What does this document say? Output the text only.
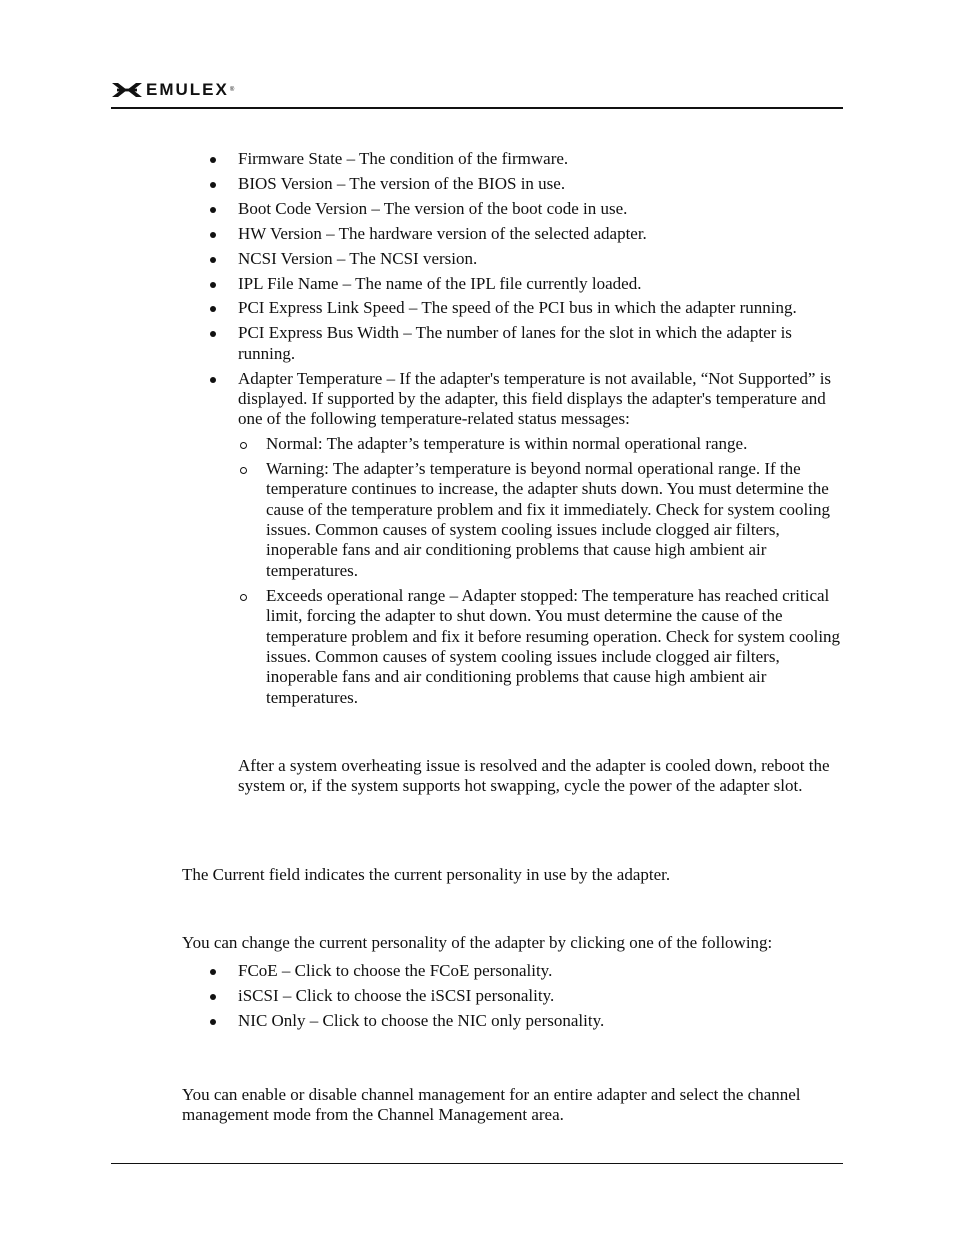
EMULEX ®
Firmware State – The condition of the firmware.
BIOS Version – The version of the BIOS in use.
Boot Code Version – The version of the boot code in use.
HW Version – The hardware version of the selected adapter.
NCSI Version – The NCSI version.
IPL File Name – The name of the IPL file currently loaded.
PCI Express Link Speed – The speed of the PCI bus in which the adapter running.
PCI Express Bus Width – The number of lanes for the slot in which the adapter is running.
Adapter Temperature – If the adapter's temperature is not available, “Not Supported” is displayed. If supported by the adapter, this field displays the adapter's temperature and one of the following temperature-related status messages:
Normal: The adapter’s temperature is within normal operational range.
Warning: The adapter’s temperature is beyond normal operational range. If the temperature continues to increase, the adapter shuts down. You must determine the cause of the temperature problem and fix it immediately. Check for system cooling issues. Common causes of system cooling issues include clogged air filters, inoperable fans and air conditioning problems that cause high ambient air temperatures.
Exceeds operational range – Adapter stopped: The temperature has reached critical limit, forcing the adapter to shut down. You must determine the cause of the temperature problem and fix it before resuming operation. Check for system cooling issues. Common causes of system cooling issues include clogged air filters, inoperable fans and air conditioning problems that cause high ambient air temperatures.

After a system overheating issue is resolved and the adapter is cooled down, reboot the system or, if the system supports hot swapping, cycle the power of the adapter slot.

The Current field indicates the current personality in use by the adapter.

You can change the current personality of the adapter by clicking one of the following:

FCoE – Click to choose the FCoE personality.
iSCSI – Click to choose the iSCSI personality.
NIC Only – Click to choose the NIC only personality.

You can enable or disable channel management for an entire adapter and select the channel management mode from the Channel Management area.
